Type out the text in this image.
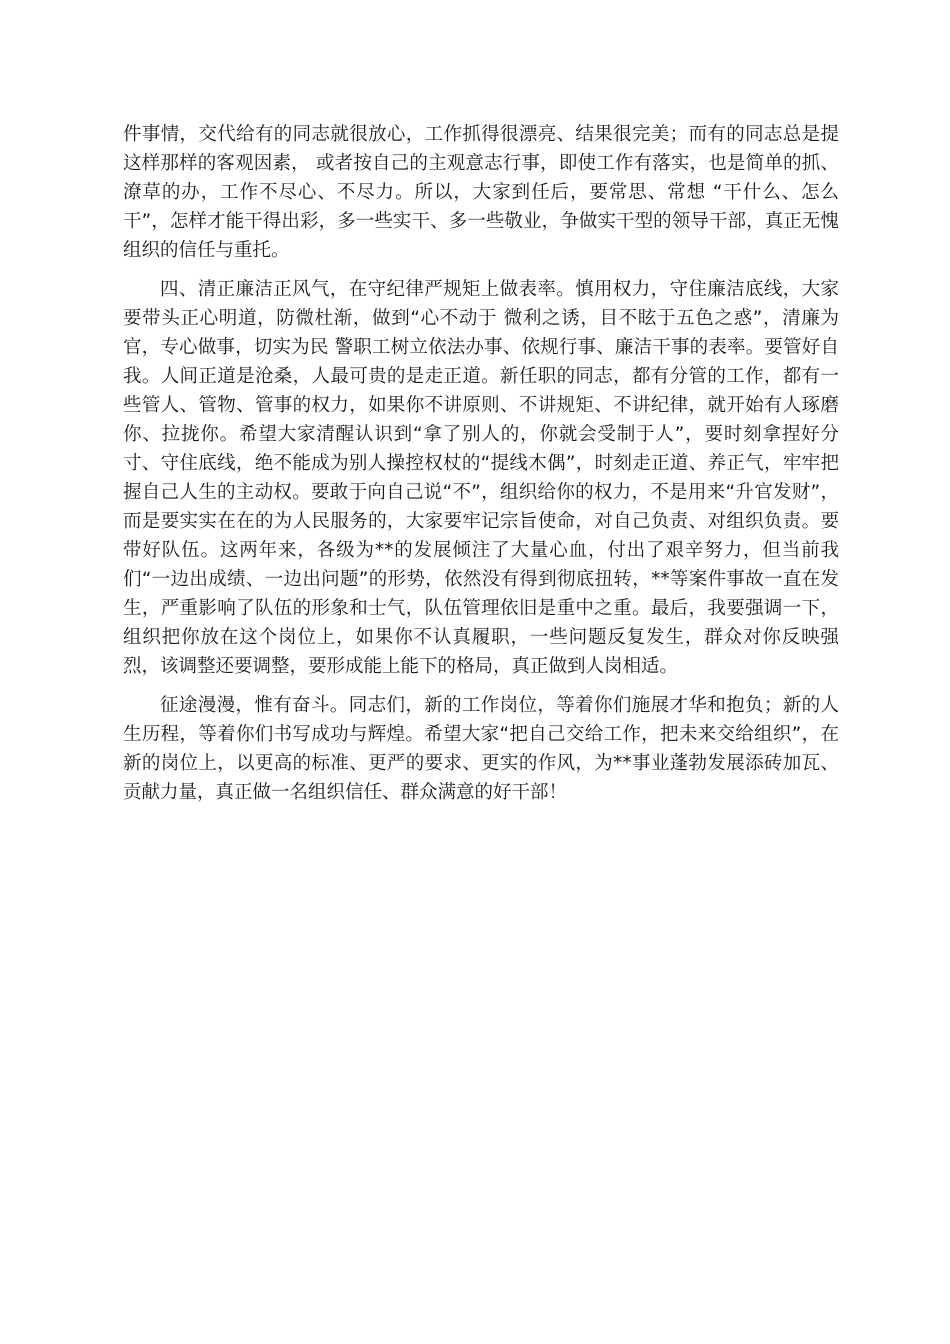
件事情，交代给有的同志就很放心，工作抓得很漂亮、结果很完美；而有的同志总是提这样那样的客观因素， 或者按自己的主观意志行事，即使工作有落实，也是简单的抓、潦草的办，工作不尽心、不尽力。所以，大家到任后，要常思、常想 “干什么、怎么干”，怎样才能干得出彩，多一些实干、多一些敬业，争做实干型的领导干部，真正无愧组织的信任与重托。

四、清正廉洁正风气，在守纪律严规矩上做表率。慎用权力，守住廉洁底线，大家要带头正心明道，防微杜渐，做到“心不动于 微利之诱，目不眩于五色之惑”，清廉为官，专心做事，切实为民 警职工树立依法办事、依规行事、廉洁干事的表率。要管好自我。人间正道是沧桑，人最可贵的是走正道。新任职的同志，都有分管的工作，都有一些管人、管物、管事的权力，如果你不讲原则、不讲规矩、不讲纪律，就开始有人琢磨你、拉拢你。希望大家清醒认识到“拿了别人的，你就会受制于人”，要时刻拿捏好分寸、守住底线，绝不能成为别人操控权杖的“提线木偶”，时刻走正道、养正气，牢牢把握自己人生的主动权。要敢于向自己说“不”，组织给你的权力，不是用来“升官发财”，而是要实实在在的为人民服务的，大家要牢记宗旨使命，对自己负责、对组织负责。要带好队伍。这两年来，各级为**的发展倾注了大量心血，付出了艰辛努力，但当前我们“一边出成绩、一边出问题”的形势，依然没有得到彻底扭转，**等案件事故一直在发生，严重影响了队伍的形象和士气，队伍管理依旧是重中之重。最后，我要强调一下，组织把你放在这个岗位上，如果你不认真履职，一些问题反复发生，群众对你反映强烈，该调整还要调整，要形成能上能下的格局，真正做到人岗相适。

征途漫漫，惟有奋斗。同志们，新的工作岗位，等着你们施展才华和抱负；新的人生历程，等着你们书写成功与辉煌。希望大家“把自己交给工作，把未来交给组织”，在新的岗位上，以更高的标准、更严的要求、更实的作风，为**事业蓬勃发展添砖加瓦、贡献力量，真正做一名组织信任、群众满意的好干部！
